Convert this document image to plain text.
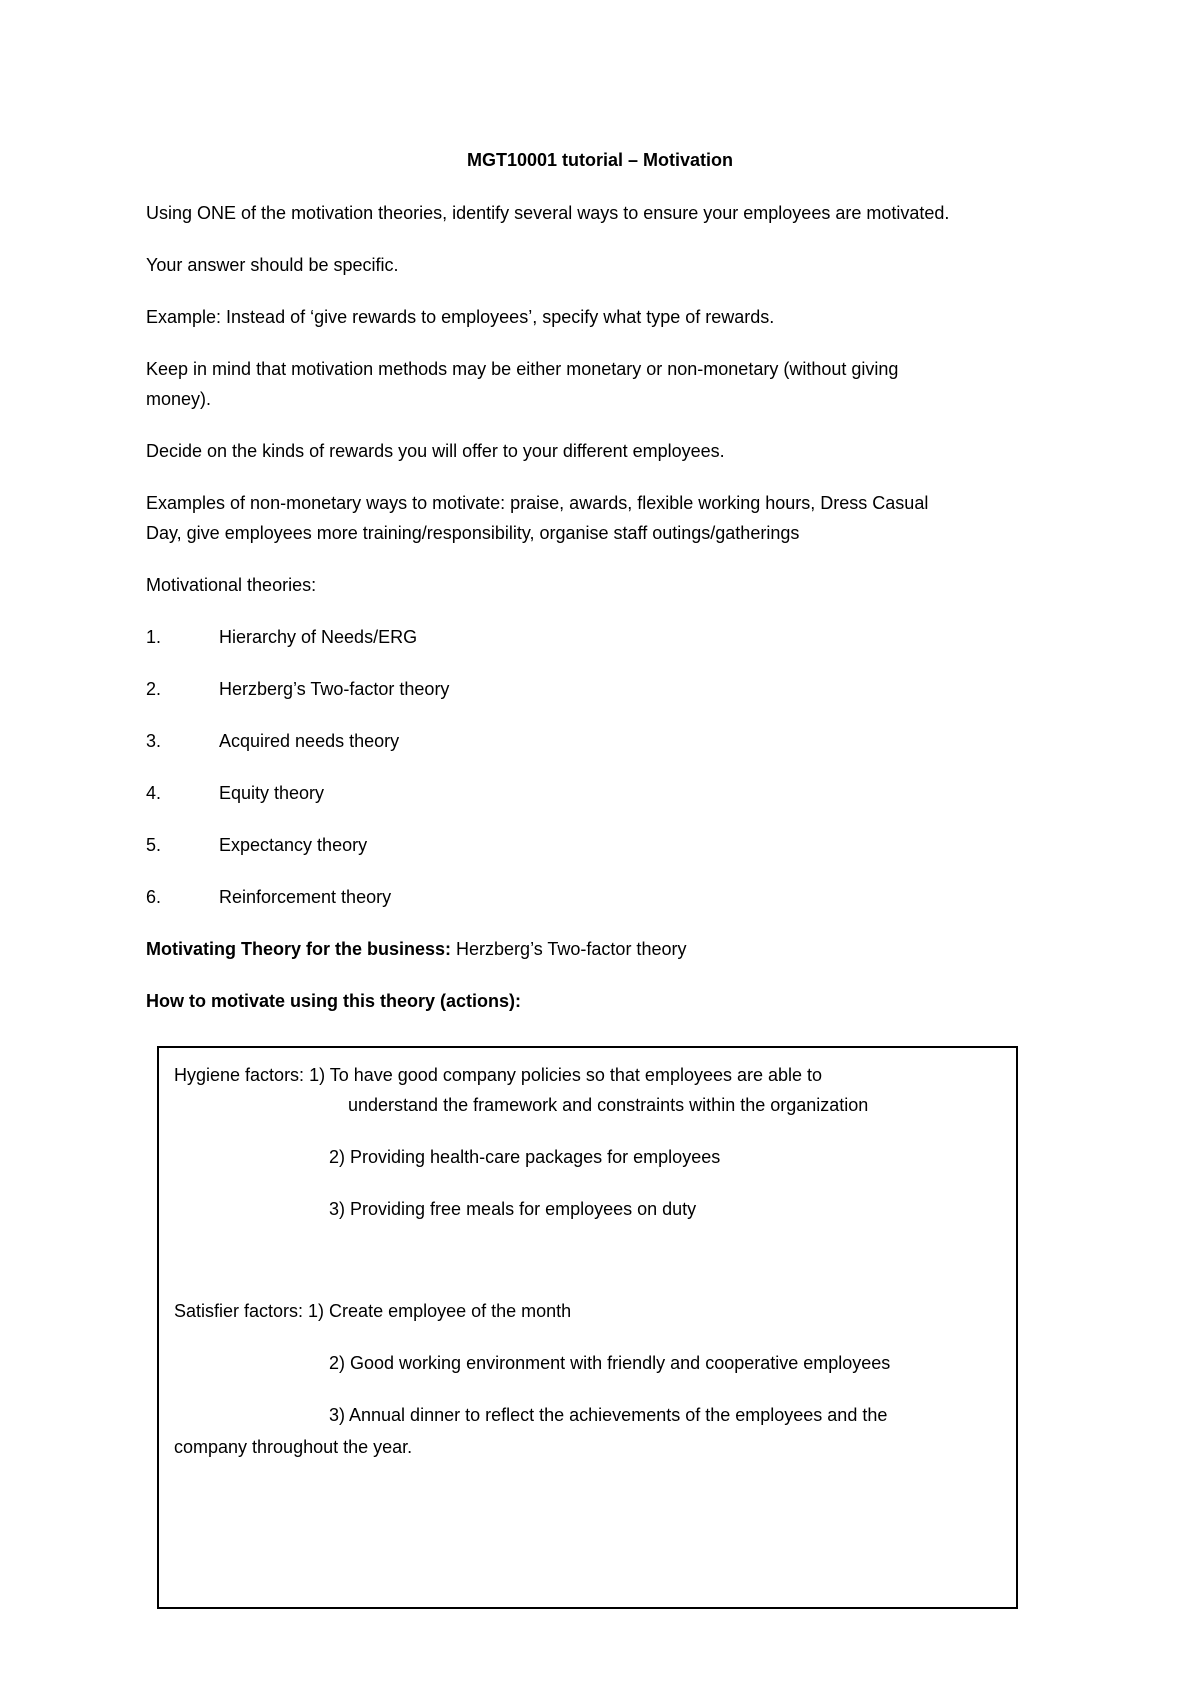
MGT10001 tutorial – Motivation
Using ONE of the motivation theories, identify several ways to ensure your employees are motivated.
Your answer should be specific.
Example: Instead of ‘give rewards to employees’, specify what type of rewards.
Keep in mind that motivation methods may be either monetary or non-monetary (without giving
money).
Decide on the kinds of rewards you will offer to your different employees.
Examples of non-monetary ways to motivate: praise, awards, flexible working hours, Dress Casual
Day, give employees more training/responsibility, organise staff outings/gatherings
Motivational theories:
1.	Hierarchy of Needs/ERG
2.	Herzberg’s Two-factor theory
3.	Acquired needs theory
4.	Equity theory
5.	Expectancy theory
6.	Reinforcement theory
Motivating Theory for the business: Herzberg’s Two-factor theory
How to motivate using this theory (actions):
Hygiene factors: 1) To have good company policies so that employees are able to
understand the framework and constraints within the organization
2) Providing health-care packages for employees
3) Providing free meals for employees on duty
Satisfier factors: 1) Create employee of the month
2) Good working environment with friendly and cooperative employees
3) Annual dinner to reflect the achievements of the employees and the
company throughout the year.
